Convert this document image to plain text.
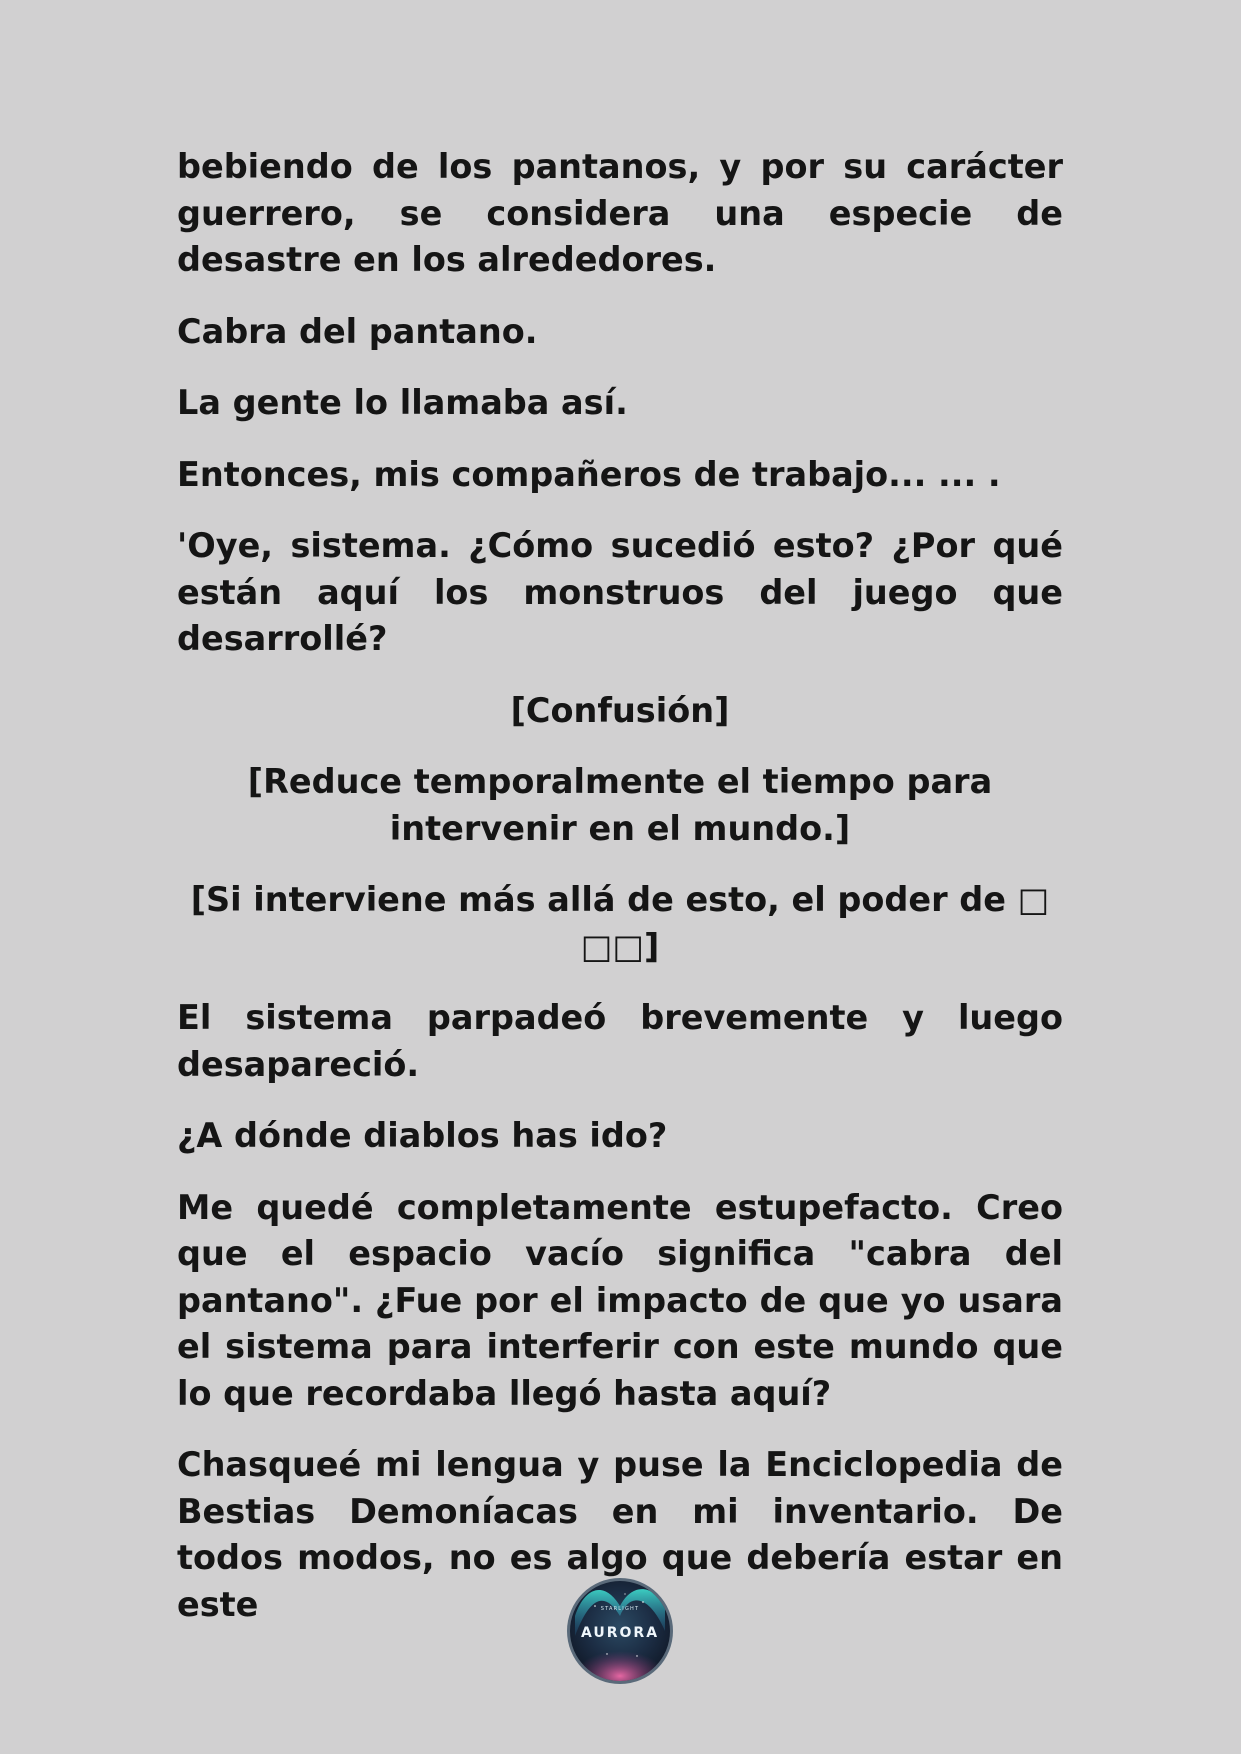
bebiendo de los pantanos, y por su carácter guerrero, se considera una especie de desastre en los alrededores.

Cabra del pantano.

La gente lo llamaba así.

Entonces, mis compañeros de trabajo... ... .

'Oye, sistema. ¿Cómo sucedió esto? ¿Por qué están aquí los monstruos del juego que desarrollé?

[Confusión]

[Reduce temporalmente el tiempo para intervenir en el mundo.]

[Si interviene más allá de esto, el poder de □ □□]

El sistema parpadeó brevemente y luego desapareció.

¿A dónde diablos has ido?

Me quedé completamente estupefacto. Creo que el espacio vacío significa "cabra del pantano". ¿Fue por el impacto de que yo usara el sistema para interferir con este mundo que lo que recordaba llegó hasta aquí?

Chasqueé mi lengua y puse la Enciclopedia de Bestias Demoníacas en mi inventario. De todos modos, no es algo que debería estar en este	STARLIGHT
AURORA
